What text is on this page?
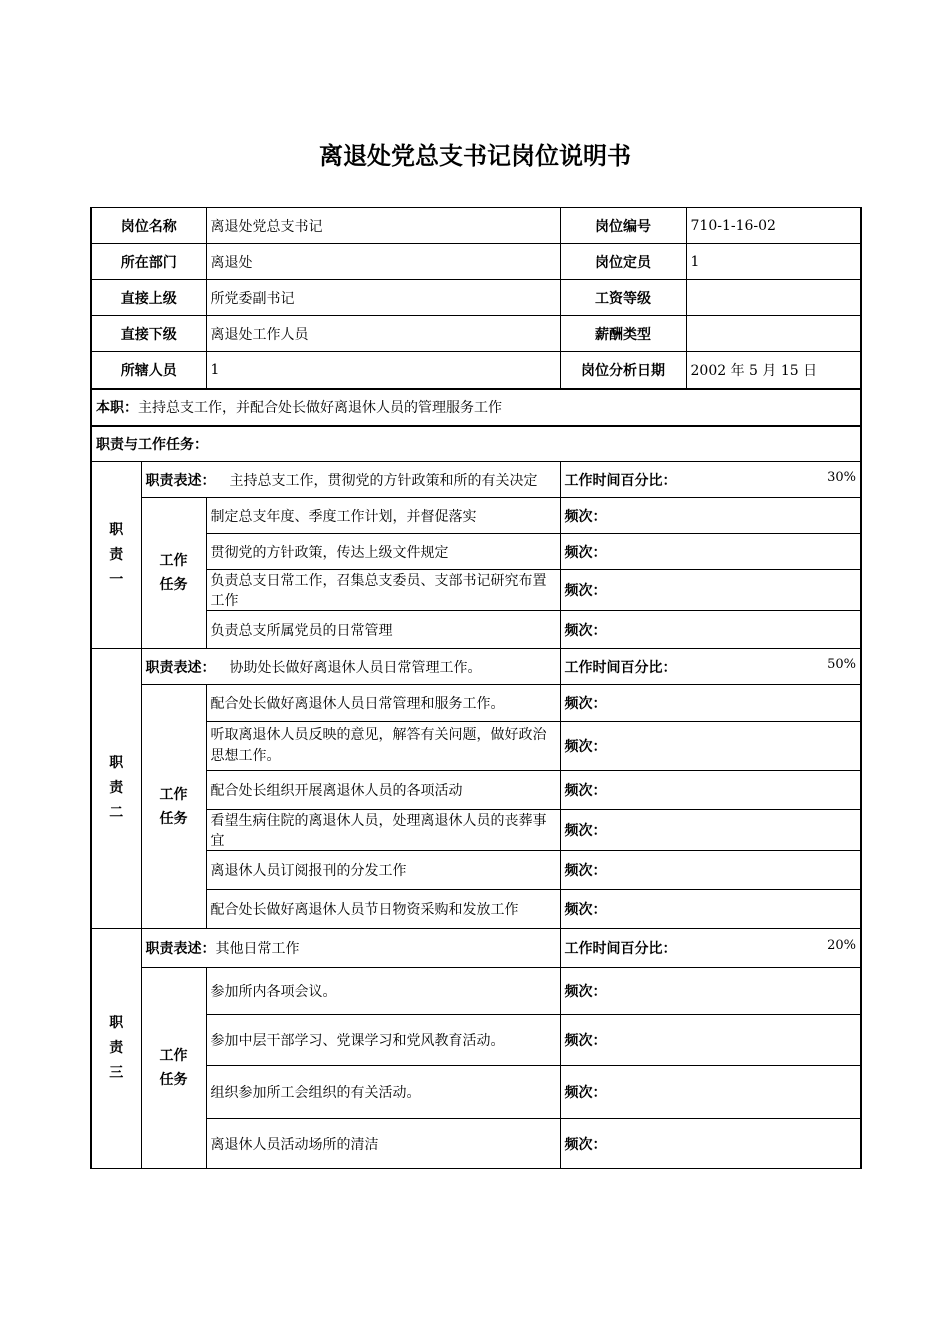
离退处党总支书记岗位说明书
岗位名称		离退处党总支书记	岗位编号	710-1-16-02
所在部门		离退处	岗位定员	1
直接上级		所党委副书记	工资等级	
直接下级		离退处工作人员	薪酬类型	
所辖人员		1	岗位分析日期	2002 年 5 月 15 日
本职：主持总支工作，并配合处长做好离退休人员的管理服务工作				
职责与工作任务：				
职
责
一	职责表述： 主持总支工作，贯彻党的方针政策和所的有关决定		工作时间百分比： 30%	

	工作
任务	制定总支年度、季度工作计划，并督促落实	频次：	
		贯彻党的方针政策，传达上级文件规定	频次：	
		负责总支日常工作，召集总支委员、支部书记研究布置工作	频次：	
		负责总支所属党员的日常管理	频次：	
职
责
二	职责表述： 协助处长做好离退休人员日常管理工作。		工作时间百分比： 50%	

	工作
任务	配合处长做好离退休人员日常管理和服务工作。	频次：	
		听取离退休人员反映的意见，解答有关问题，做好政治思想工作。	频次：	
		配合处长组织开展离退休人员的各项活动	频次：	
		看望生病住院的离退休人员，处理离退休人员的丧葬事宜	频次：	
		离退休人员订阅报刊的分发工作	频次：	
		配合处长做好离退休人员节日物资采购和发放工作	频次：	
职
责
三	职责表述：其他日常工作		工作时间百分比： 20%	

	工作
任务	参加所内各项会议。	频次：	
		参加中层干部学习、党课学习和党风教育活动。	频次：	
		组织参加所工会组织的有关活动。	频次：	
		离退休人员活动场所的清洁	频次：	
